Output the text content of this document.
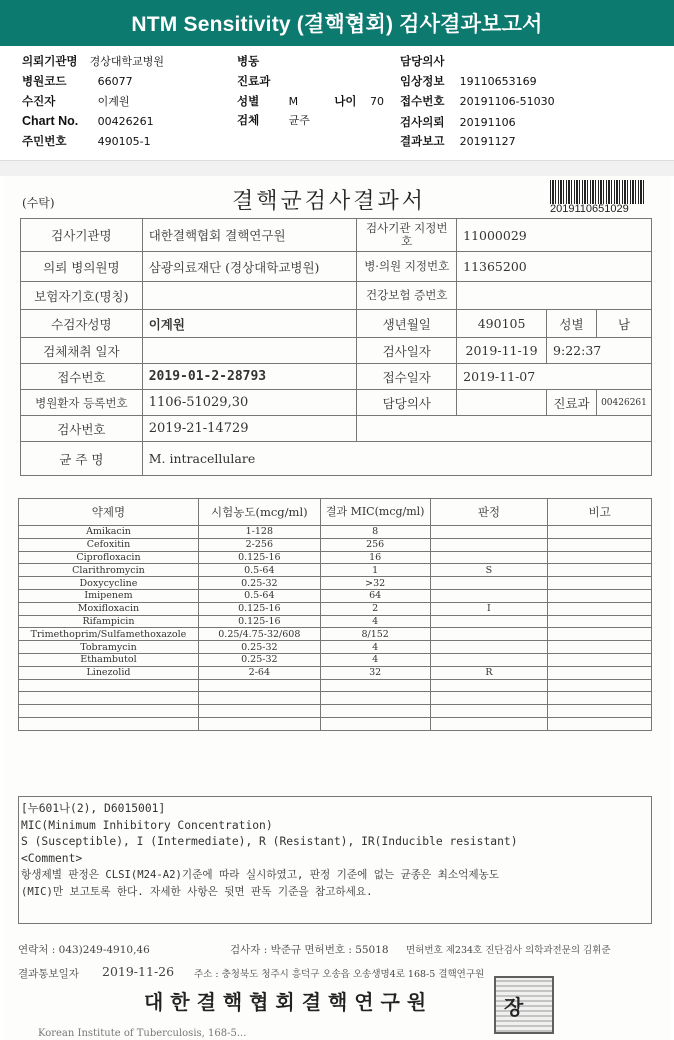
NTM Sensitivity (결핵협회) 검사결과보고서
의뢰기관명 경상대학교병원
병원코드	66077
수진자	이계원
Chart No. 00426261
주민번호	490105-1
병동
진료과
성별	M	나이 70
검체	균주
담당의사
임상정보 19110653169
접수번호 20191106-51030
검사의뢰 20191106
결과보고 20191127
(수탁)	결핵균검사결과서	2019110651029
검사기관명	대한결핵협회 결핵연구원	검사기관 지정번호	11000029		
의뢰 병의원명	삼광의료재단 (경상대학교병원)	병·의원 지정번호	11365200		
보험자기호(명칭)		건강보험 증번호			
수검자성명	이계원	생년월일	490105	성별	남
검체채취 일자		검사일자	2019-11-19	9:22:37	
접수번호	2019-01-2-28793	접수일자	2019-11-07		
병원환자 등록번호	1106-51029,30	담당의사		진료과	00426261
검사번호	2019-21-14729				
균 주 명	M. intracellulare				
약제명	시험농도(mcg/ml)	결과 MIC(mcg/ml)	판정	비고
Amikacin	1-128	8		
Cefoxitin	2-256	256		
Ciprofloxacin	0.125-16	16		
Clarithromycin	0.5-64	1	S	
Doxycycline	0.25-32	>32		
Imipenem	0.5-64	64		
Moxifloxacin	0.125-16	2	I	
Rifampicin	0.125-16	4		
Trimethoprim/Sulfamethoxazole	0.25/4.75-32/608	8/152		
Tobramycin	0.25-32	4		
Ethambutol	0.25-32	4		
Linezolid	2-64	32	R	

[누601나(2), D6015001]
MIC(Minimum Inhibitory Concentration)
S (Susceptible), I (Intermediate), R (Resistant), IR(Inducible resistant)
<Comment>
항생제별 판정은 CLSI(M24-A2)기준에 따라 실시하였고, 판정 기준에 없는 균종은 최소억제농도
(MIC)만 보고토록 한다. 자세한 사항은 뒷면 판독 기준을 참고하세요.
연락처 : 043)249-4910,46	검사자 : 박준규 면허번호 : 55018 면허번호 제234호 진단검사 의학과전문의 김휘준
결과통보일자 2019-11-26 주소 : 충청북도 청주시 흥덕구 오송읍 오송생명4로 168-5 결핵연구원
대 한 결 핵 협 회 결 핵 연 구 원	장
Korean Institute of Tuberculosis, 168-5...
